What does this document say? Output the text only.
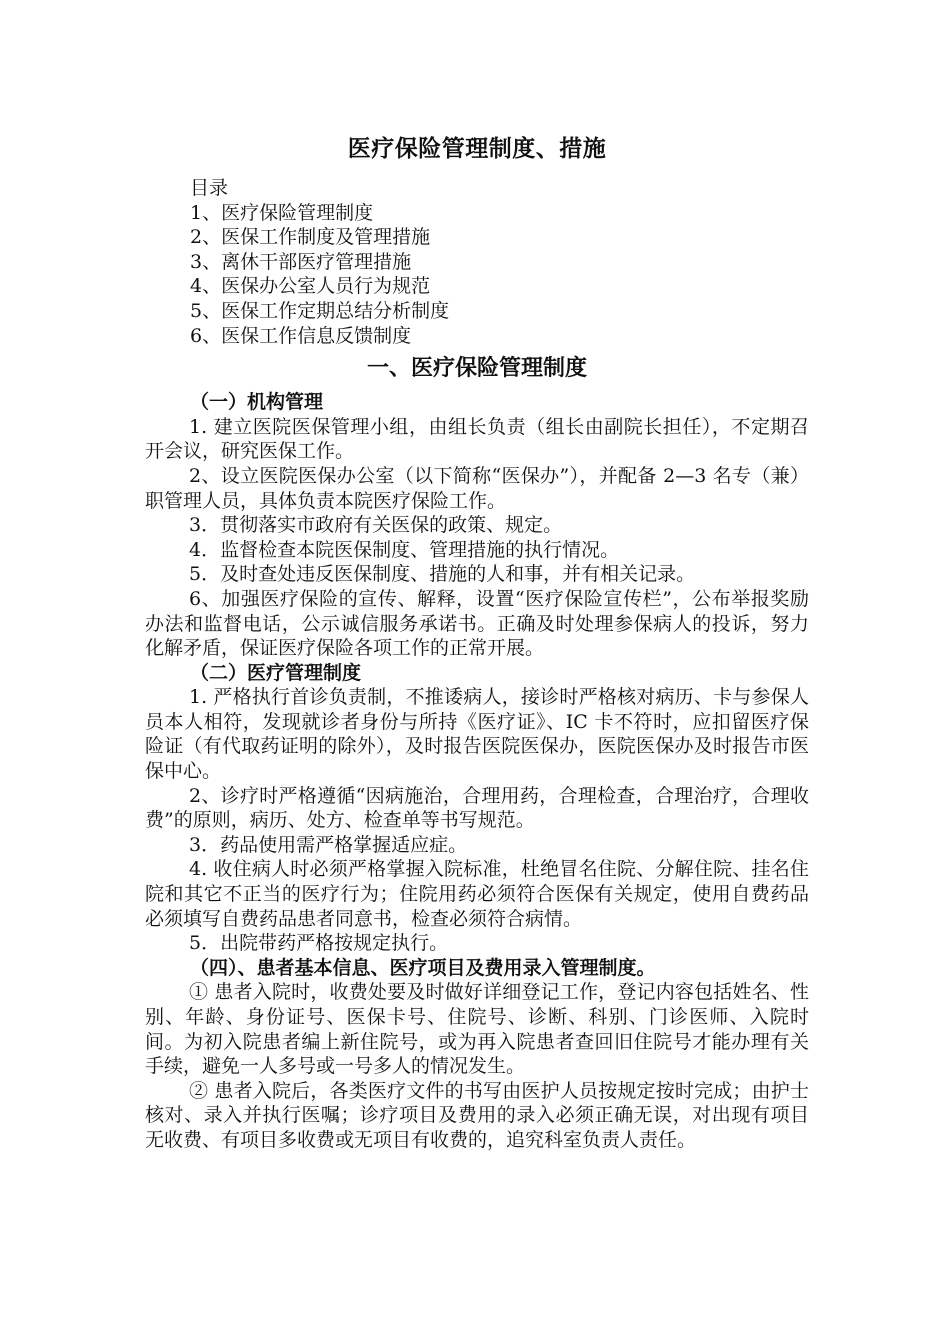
医疗保险管理制度、措施

目录

1、医疗保险管理制度

2、医保工作制度及管理措施

3、离休干部医疗管理措施

4、医保办公室人员行为规范

5、医保工作定期总结分析制度

6、医保工作信息反馈制度

一、医疗保险管理制度

（一）机构管理

1. 建立医院医保管理小组，由组长负责（组长由副院长担任），不定期召开会议，研究医保工作。

2、设立医院医保办公室（以下简称“医保办”），并配备 2—3 名专（兼）职管理人员，具体负责本院医疗保险工作。

3．贯彻落实市政府有关医保的政策、规定。

4．监督检查本院医保制度、管理措施的执行情况。

5．及时查处违反医保制度、措施的人和事，并有相关记录。

6、加强医疗保险的宣传、解释，设置“医疗保险宣传栏”，公布举报奖励办法和监督电话，公示诚信服务承诺书。正确及时处理参保病人的投诉，努力化解矛盾，保证医疗保险各项工作的正常开展。

（二）医疗管理制度

1. 严格执行首诊负责制，不推诿病人，接诊时严格核对病历、卡与参保人员本人相符，发现就诊者身份与所持《医疗证》、IC 卡不符时，应扣留医疗保险证（有代取药证明的除外），及时报告医院医保办，医院医保办及时报告市医保中心。

2、诊疗时严格遵循“因病施治，合理用药，合理检查，合理治疗，合理收费”的原则，病历、处方、检查单等书写规范。

3．药品使用需严格掌握适应症。

4. 收住病人时必须严格掌握入院标准，杜绝冒名住院、分解住院、挂名住院和其它不正当的医疗行为；住院用药必须符合医保有关规定，使用自费药品必须填写自费药品患者同意书，检查必须符合病情。

5．出院带药严格按规定执行。

（四）、患者基本信息、医疗项目及费用录入管理制度。

① 患者入院时，收费处要及时做好详细登记工作，登记内容包括姓名、性别、年龄、身份证号、医保卡号、住院号、诊断、科别、门诊医师、入院时间。为初入院患者编上新住院号，或为再入院患者查回旧住院号才能办理有关手续，避免一人多号或一号多人的情况发生。

② 患者入院后，各类医疗文件的书写由医护人员按规定按时完成；由护士核对、录入并执行医嘱；诊疗项目及费用的录入必须正确无误，对出现有项目无收费、有项目多收费或无项目有收费的，追究科室负责人责任。
